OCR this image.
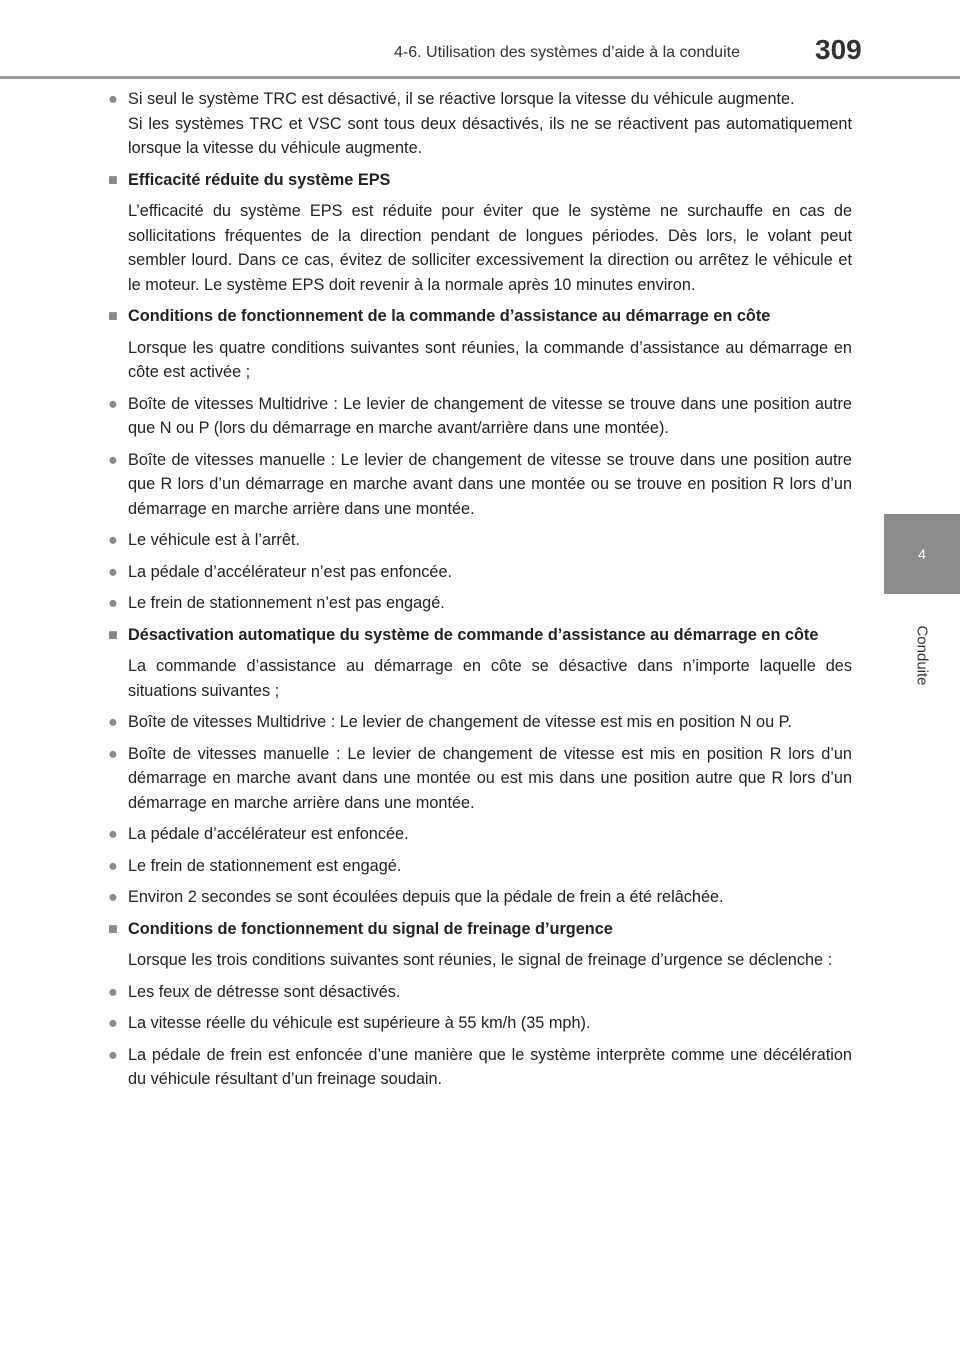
4-6. Utilisation des systèmes d’aide à la conduite	309
4
Conduite
● Si seul le système TRC est désactivé, il se réactive lorsque la vitesse du véhicule augmente.
Si les systèmes TRC et VSC sont tous deux désactivés, ils ne se réactivent pas automatiquement lorsque la vitesse du véhicule augmente.
■ Efficacité réduite du système EPS
L’efficacité du système EPS est réduite pour éviter que le système ne surchauffe en cas de sollicitations fréquentes de la direction pendant de longues périodes. Dès lors, le volant peut sembler lourd. Dans ce cas, évitez de solliciter excessivement la direction ou arrêtez le véhicule et le moteur. Le système EPS doit revenir à la normale après 10 minutes environ.
■ Conditions de fonctionnement de la commande d’assistance au démarrage en côte
Lorsque les quatre conditions suivantes sont réunies, la commande d’assistance au démarrage en côte est activée ;
● Boîte de vitesses Multidrive : Le levier de changement de vitesse se trouve dans une position autre que N ou P (lors du démarrage en marche avant/arrière dans une montée).
● Boîte de vitesses manuelle : Le levier de changement de vitesse se trouve dans une position autre que R lors d’un démarrage en marche avant dans une montée ou se trouve en position R lors d’un démarrage en marche arrière dans une montée.
● Le véhicule est à l’arrêt.
● La pédale d’accélérateur n’est pas enfoncée.
● Le frein de stationnement n’est pas engagé.
■ Désactivation automatique du système de commande d’assistance au démarrage en côte
La commande d’assistance au démarrage en côte se désactive dans n’importe laquelle des situations suivantes ;
● Boîte de vitesses Multidrive : Le levier de changement de vitesse est mis en position N ou P.
● Boîte de vitesses manuelle : Le levier de changement de vitesse est mis en position R lors d’un démarrage en marche avant dans une montée ou est mis dans une position autre que R lors d’un démarrage en marche arrière dans une montée.
● La pédale d’accélérateur est enfoncée.
● Le frein de stationnement est engagé.
● Environ 2 secondes se sont écoulées depuis que la pédale de frein a été relâchée.
■ Conditions de fonctionnement du signal de freinage d’urgence
Lorsque les trois conditions suivantes sont réunies, le signal de freinage d’urgence se déclenche :
● Les feux de détresse sont désactivés.
● La vitesse réelle du véhicule est supérieure à 55 km/h (35 mph).
● La pédale de frein est enfoncée d’une manière que le système interprète comme une décélération du véhicule résultant d’un freinage soudain.
